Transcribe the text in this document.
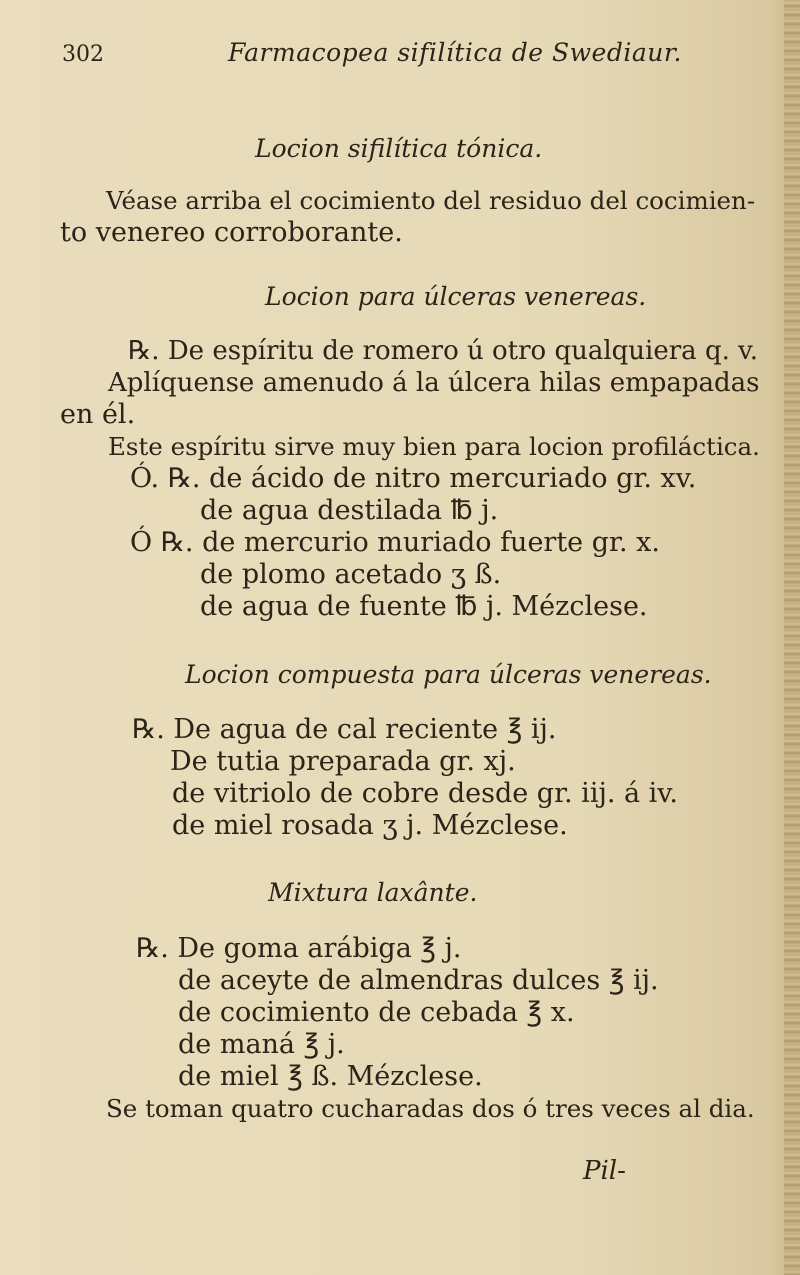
302	Farmacopea sifilítica de Swediaur.
Locion sifilítica tónica.
Véase arriba el cocimiento del residuo del cocimien-
to venereo corroborante.
Locion para úlceras venereas.
℞. De espíritu de romero ú otro qualquiera q. v.
Aplíquense amenudo á la úlcera hilas empapadas
en él.
Este espíritu sirve muy bien para locion profiláctica.
Ó. ℞. de ácido de nitro mercuriado gr. xv.
de agua destilada ℔ j.
Ó ℞. de mercurio muriado fuerte gr. x.
de plomo acetado ʒ ß.
de agua de fuente ℔ j. Mézclese.
Locion compuesta para úlceras venereas.
℞. De agua de cal reciente ℥ ij.
De tutia preparada gr. xj.
de vitriolo de cobre desde gr. iij. á iv.
de miel rosada ʒ j. Mézclese.
Mixtura laxânte.
℞. De goma arábiga ℥ j.
de aceyte de almendras dulces ℥ ij.
de cocimiento de cebada ℥ x.
de maná ℥ j.
de miel ℥ ß. Mézclese.
Se toman quatro cucharadas dos ó tres veces al dia.
Pil-
